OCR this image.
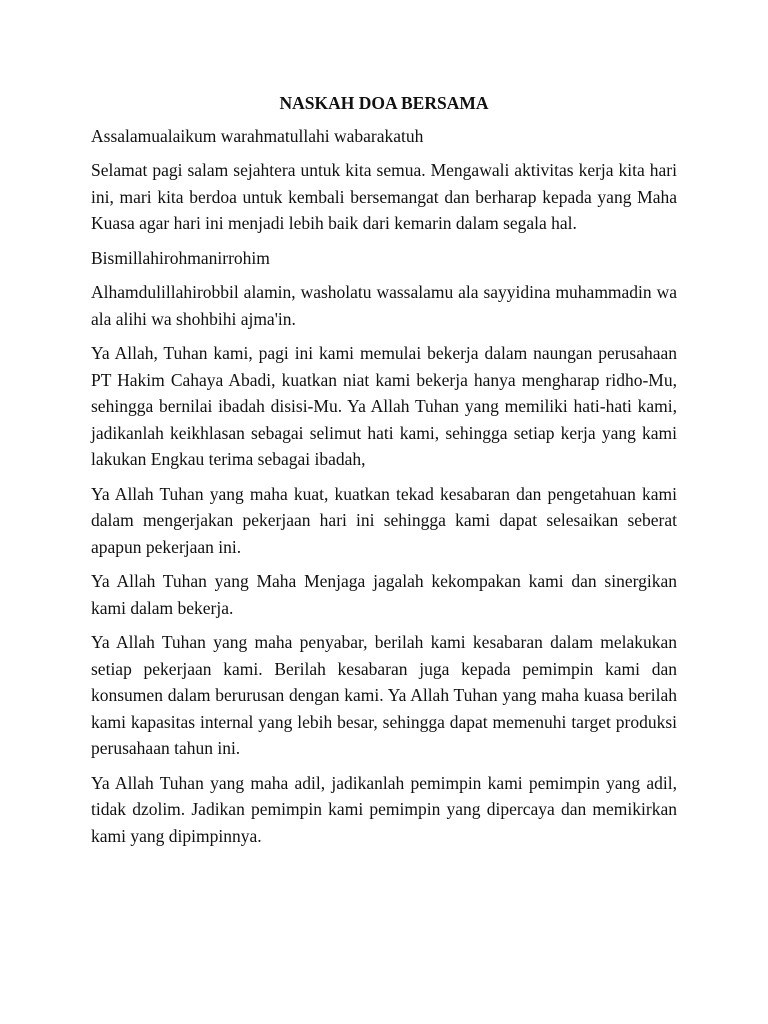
NASKAH DOA BERSAMA

Assalamualaikum warahmatullahi wabarakatuh

Selamat pagi salam sejahtera untuk kita semua. Mengawali aktivitas kerja kita hari ini, mari kita berdoa untuk kembali bersemangat dan berharap kepada yang Maha Kuasa agar hari ini menjadi lebih baik dari kemarin dalam segala hal.

Bismillahirohmanirrohim

Alhamdulillahirobbil alamin, washolatu wassalamu ala sayyidina muhammadin wa ala alihi wa shohbihi ajma'in.

Ya Allah, Tuhan kami, pagi ini kami memulai bekerja dalam naungan perusahaan PT Hakim Cahaya Abadi, kuatkan niat kami bekerja hanya mengharap ridho-Mu, sehingga bernilai ibadah disisi-Mu. Ya Allah Tuhan yang memiliki hati-hati kami, jadikanlah keikhlasan sebagai selimut hati kami, sehingga setiap kerja yang kami lakukan Engkau terima sebagai ibadah,

Ya Allah Tuhan yang maha kuat, kuatkan tekad kesabaran dan pengetahuan kami dalam mengerjakan pekerjaan hari ini sehingga kami dapat selesaikan seberat apapun pekerjaan ini.

Ya Allah Tuhan yang Maha Menjaga jagalah kekompakan kami dan sinergikan kami dalam bekerja.

Ya Allah Tuhan yang maha penyabar, berilah kami kesabaran dalam melakukan setiap pekerjaan kami. Berilah kesabaran juga kepada pemimpin kami dan konsumen dalam berurusan dengan kami. Ya Allah Tuhan yang maha kuasa berilah kami kapasitas internal yang lebih besar, sehingga dapat memenuhi target produksi perusahaan tahun ini.

Ya Allah Tuhan yang maha adil, jadikanlah pemimpin kami pemimpin yang adil, tidak dzolim. Jadikan pemimpin kami pemimpin yang dipercaya dan memikirkan kami yang dipimpinnya.
